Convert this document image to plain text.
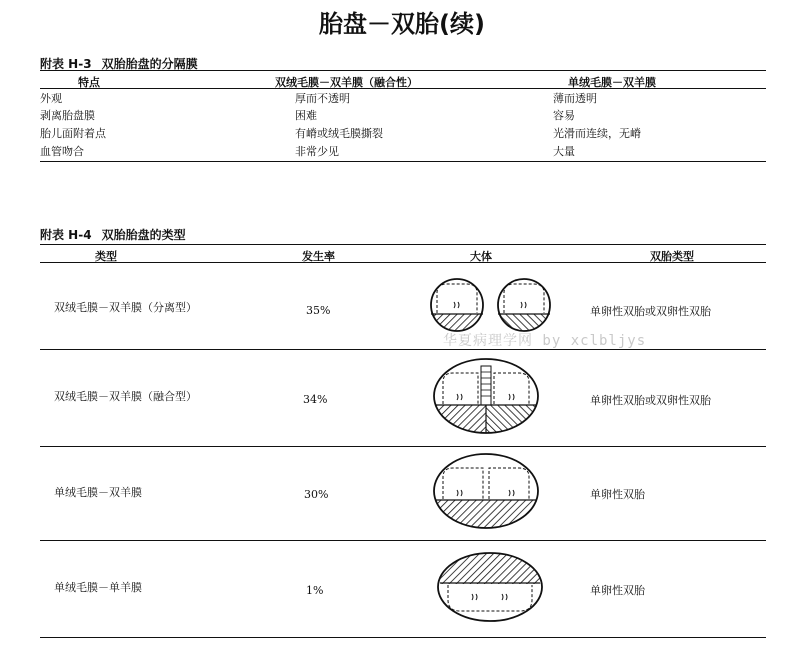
胎盘－双胎(续)
附表 H-3 双胎胎盘的分隔膜
特点	双绒毛膜－双羊膜（融合性）	单绒毛膜－双羊膜
外观	厚而不透明	薄而透明
剥离胎盘膜	困难	容易
胎儿面附着点	有嵴或绒毛膜撕裂	光滑而连续，无嵴
血管吻合	非常少见	大量
附表 H-4 双胎胎盘的类型
类型	发生率	大体	双胎类型
双绒毛膜－双羊膜（分离型）	35%	单卵性双胎或双卵性双胎
双绒毛膜－双羊膜（融合型）	34%	单卵性双胎或双卵性双胎
单绒毛膜－双羊膜	30%	单卵性双胎
单绒毛膜－单羊膜	1%	单卵性双胎
华夏病理学网 by xclbljys
